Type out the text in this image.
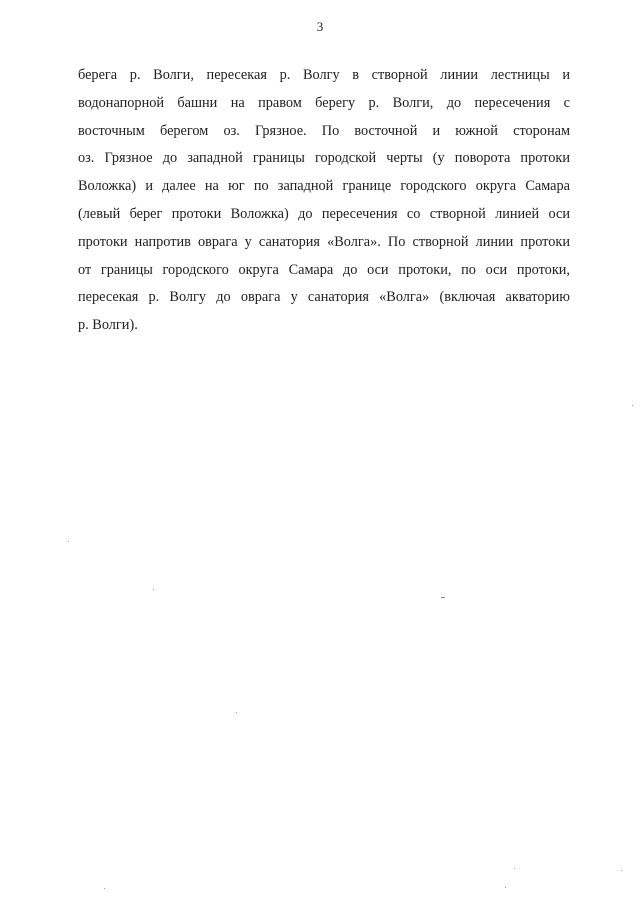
3
берега р. Волги, пересекая р. Волгу в створной линии лестницы и
водонапорной башни на правом берегу р. Волги, до пересечения с
восточным берегом оз. Грязное. По восточной и южной сторонам
оз. Грязное до западной границы городской черты (у поворота протоки
Воложка) и далее на юг по западной границе городского округа Самара
(левый берег протоки Воложка) до пересечения со створной линией оси
протоки напротив оврага у санатория «Волга». По створной линии протоки
от границы городского округа Самара до оси протоки, по оси протоки,
пересекая р. Волгу до оврага у санатория «Волга» (включая акваторию
р. Волги).
